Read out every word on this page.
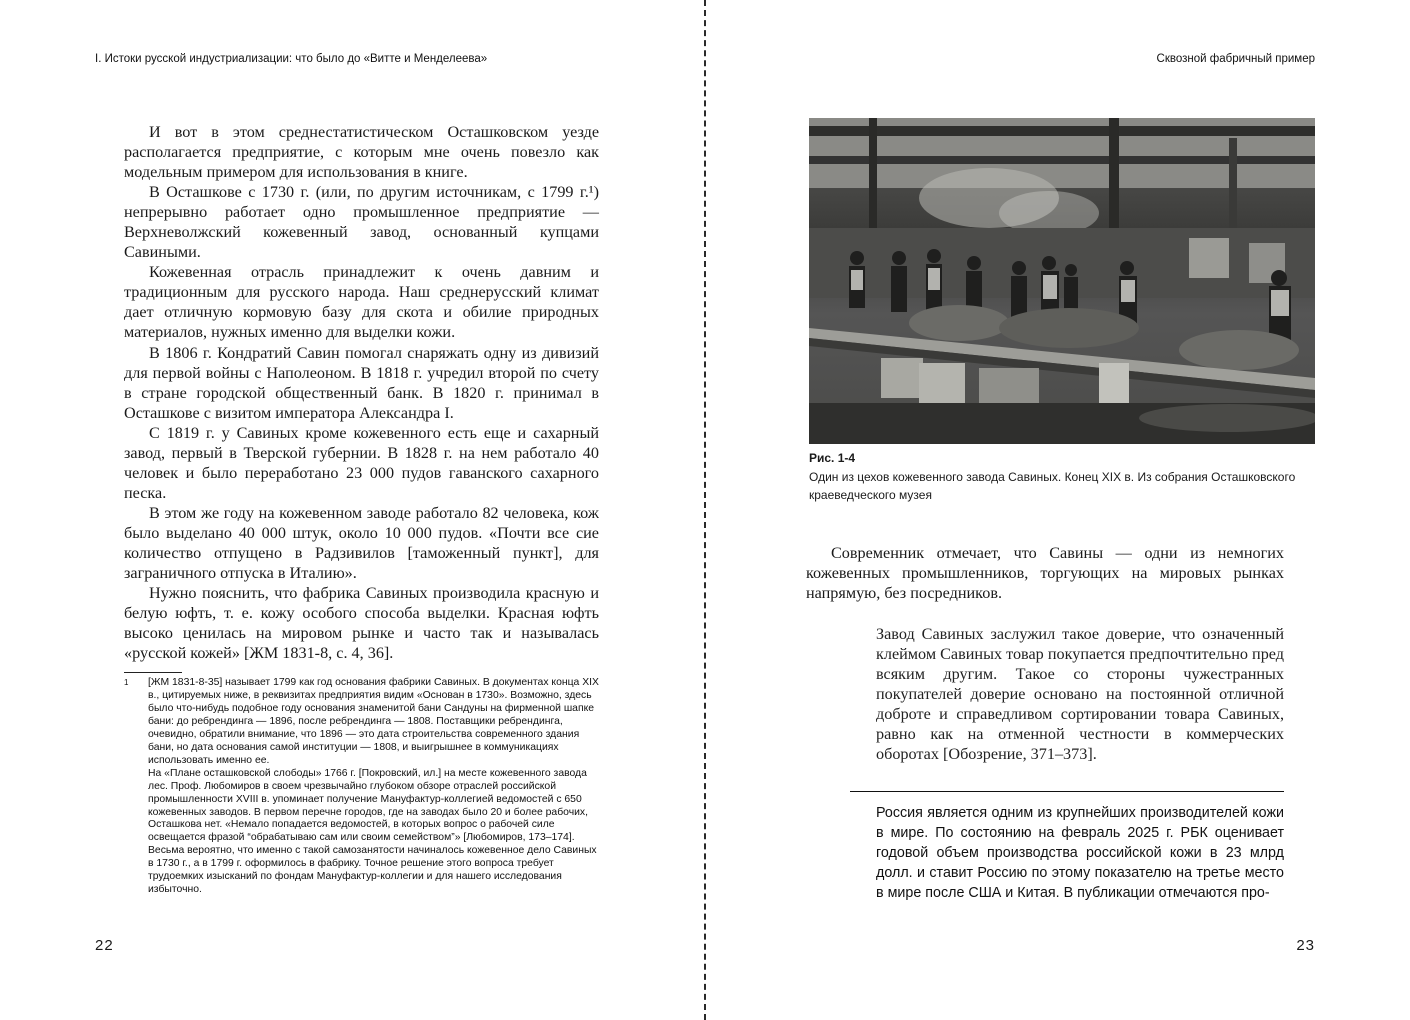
I. Истоки русской индустриализации: что было до «Витте и Менделеева»

И вот в этом среднестатистическом Осташковском уезде располагается предприятие, с которым мне очень повезло как модельным примером для использования в книге.

В Осташкове с 1730 г. (или, по другим источникам, с 1799 г.¹) непрерывно работает одно промышленное предприятие — Верхневолжский кожевенный завод, основанный купцами Савиными.

Кожевенная отрасль принадлежит к очень давним и традиционным для русского народа. Наш среднерусский климат дает отличную кормовую базу для скота и обилие природных материалов, нужных именно для выделки кожи.

В 1806 г. Кондратий Савин помогал снаряжать одну из дивизий для первой войны с Наполеоном. В 1818 г. учредил второй по счету в стране городской общественный банк. В 1820 г. принимал в Осташкове с визитом императора Александра I.

С 1819 г. у Савиных кроме кожевенного есть еще и сахарный завод, первый в Тверской губернии. В 1828 г. на нем работало 40 человек и было переработано 23 000 пудов гаванского сахарного песка.

В этом же году на кожевенном заводе работало 82 человека, кож было выделано 40 000 штук, около 10 000 пудов. «Почти все сие количество отпущено в Радзивилов [таможенный пункт], для заграничного отпуска в Италию».

Нужно пояснить, что фабрика Савиных производила красную и белую юфть, т. е. кожу особого способа выделки. Красная юфть высоко ценилась на мировом рынке и часто так и называлась «русской кожей» [ЖМ 1831-8, с. 4, 36].

1 [ЖМ 1831-8-35] называет 1799 как год основания фабрики Савиных. В документах конца XIX в., цитируемых ниже, в реквизитах предприятия видим «Основан в 1730». Возможно, здесь было что-нибудь подобное году основания знаменитой бани Сандуны на фирменной шапке бани: до ребрендинга — 1896, после ребрендинга — 1808. Поставщики ребрендинга, очевидно, обратили внимание, что 1896 — это дата строительства современного здания бани, но дата основания самой институции — 1808, и выигрышнее в коммуникациях использовать именно ее.

На «Плане осташковской слободы» 1766 г. [Покровский, ил.] на месте кожевенного завода лес. Проф. Любомиров в своем чрезвычайно глубоком обзоре отраслей российской промышленности XVIII в. упоминает получение Мануфактур-коллегией ведомостей с 650 кожевенных заводов. В первом перечне городов, где на заводах было 20 и более рабочих, Осташкова нет. «Немало попадается ведомостей, в которых вопрос о рабочей силе освещается фразой “обрабатываю сам или своим семейством”» [Любомиров, 173–174].

Весьма вероятно, что именно с такой самозанятости начиналось кожевенное дело Савиных в 1730 г., а в 1799 г. оформилось в фабрику. Точное решение этого вопроса требует трудоемких изысканий по фондам Мануфактур-коллегии и для нашего исследования избыточно.

22
Сквозной фабричный пример
Рис. 1-4
Один из цехов кожевенного завода Савиных. Конец XIX в. Из собрания Осташковского краеведческого музея

Современник отмечает, что Савины — одни из немногих кожевенных промышленников, торгующих на мировых рынках напрямую, без посредников.

Завод Савиных заслужил такое доверие, что означенный клеймом Савиных товар покупается предпочтительно пред всяким другим. Такое со стороны чужестранных покупателей доверие основано на постоянной отличной доброте и справедливом сортировании товара Савиных, равно как на отменной честности в коммерческих оборотах [Обозрение, 371–373].

Россия является одним из крупнейших производителей кожи в мире. По состоянию на февраль 2025 г. РБК оценивает годовой объем производства российской кожи в 23 млрд долл. и ставит Россию по этому показателю на третье место в мире после США и Китая. В публикации отмечаются про-

23
